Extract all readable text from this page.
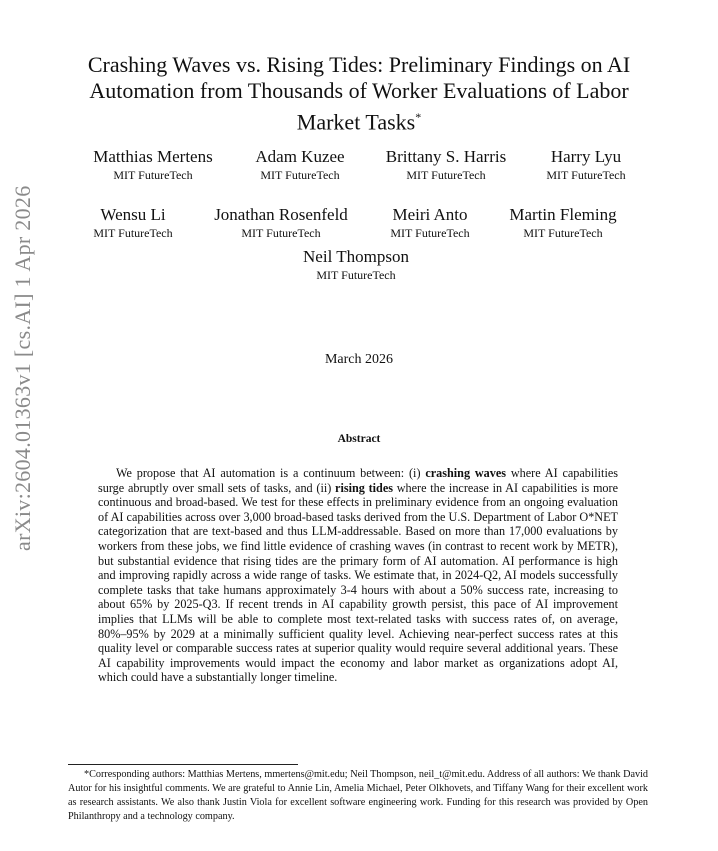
arXiv:2604.01363v1 [cs.AI] 1 Apr 2026
Crashing Waves vs. Rising Tides: Preliminary Findings on AI Automation from Thousands of Worker Evaluations of Labor Market Tasks*
Matthias Mertens
MIT FutureTech
Adam Kuzee
MIT FutureTech
Brittany S. Harris
MIT FutureTech
Harry Lyu
MIT FutureTech
Wensu Li
MIT FutureTech
Jonathan Rosenfeld
MIT FutureTech
Meiri Anto
MIT FutureTech
Martin Fleming
MIT FutureTech
Neil Thompson
MIT FutureTech
March 2026
Abstract
We propose that AI automation is a continuum between: (i) crashing waves where AI capabilities surge abruptly over small sets of tasks, and (ii) rising tides where the increase in AI capabilities is more continuous and broad-based. We test for these effects in preliminary evidence from an ongoing evaluation of AI capabilities across over 3,000 broad-based tasks derived from the U.S. Department of Labor O*NET categorization that are text-based and thus LLM-addressable. Based on more than 17,000 evaluations by workers from these jobs, we find little evidence of crashing waves (in contrast to recent work by METR), but substantial evidence that rising tides are the primary form of AI automation. AI performance is high and improving rapidly across a wide range of tasks. We estimate that, in 2024-Q2, AI models successfully complete tasks that take humans approximately 3-4 hours with about a 50% success rate, increasing to about 65% by 2025-Q3. If recent trends in AI capability growth persist, this pace of AI improvement implies that LLMs will be able to complete most text-related tasks with success rates of, on average, 80%–95% by 2029 at a minimally sufficient quality level. Achieving near-perfect success rates at this quality level or comparable success rates at superior quality would require several additional years. These AI capability improvements would impact the economy and labor market as organizations adopt AI, which could have a substantially longer timeline.
*Corresponding authors: Matthias Mertens, mmertens@mit.edu; Neil Thompson, neil_t@mit.edu. Address of all authors: We thank David Autor for his insightful comments. We are grateful to Annie Lin, Amelia Michael, Peter Olkhovets, and Tiffany Wang for their excellent work as research assistants. We also thank Justin Viola for excellent software engineering work. Funding for this research was provided by Open Philanthropy and a technology company.
